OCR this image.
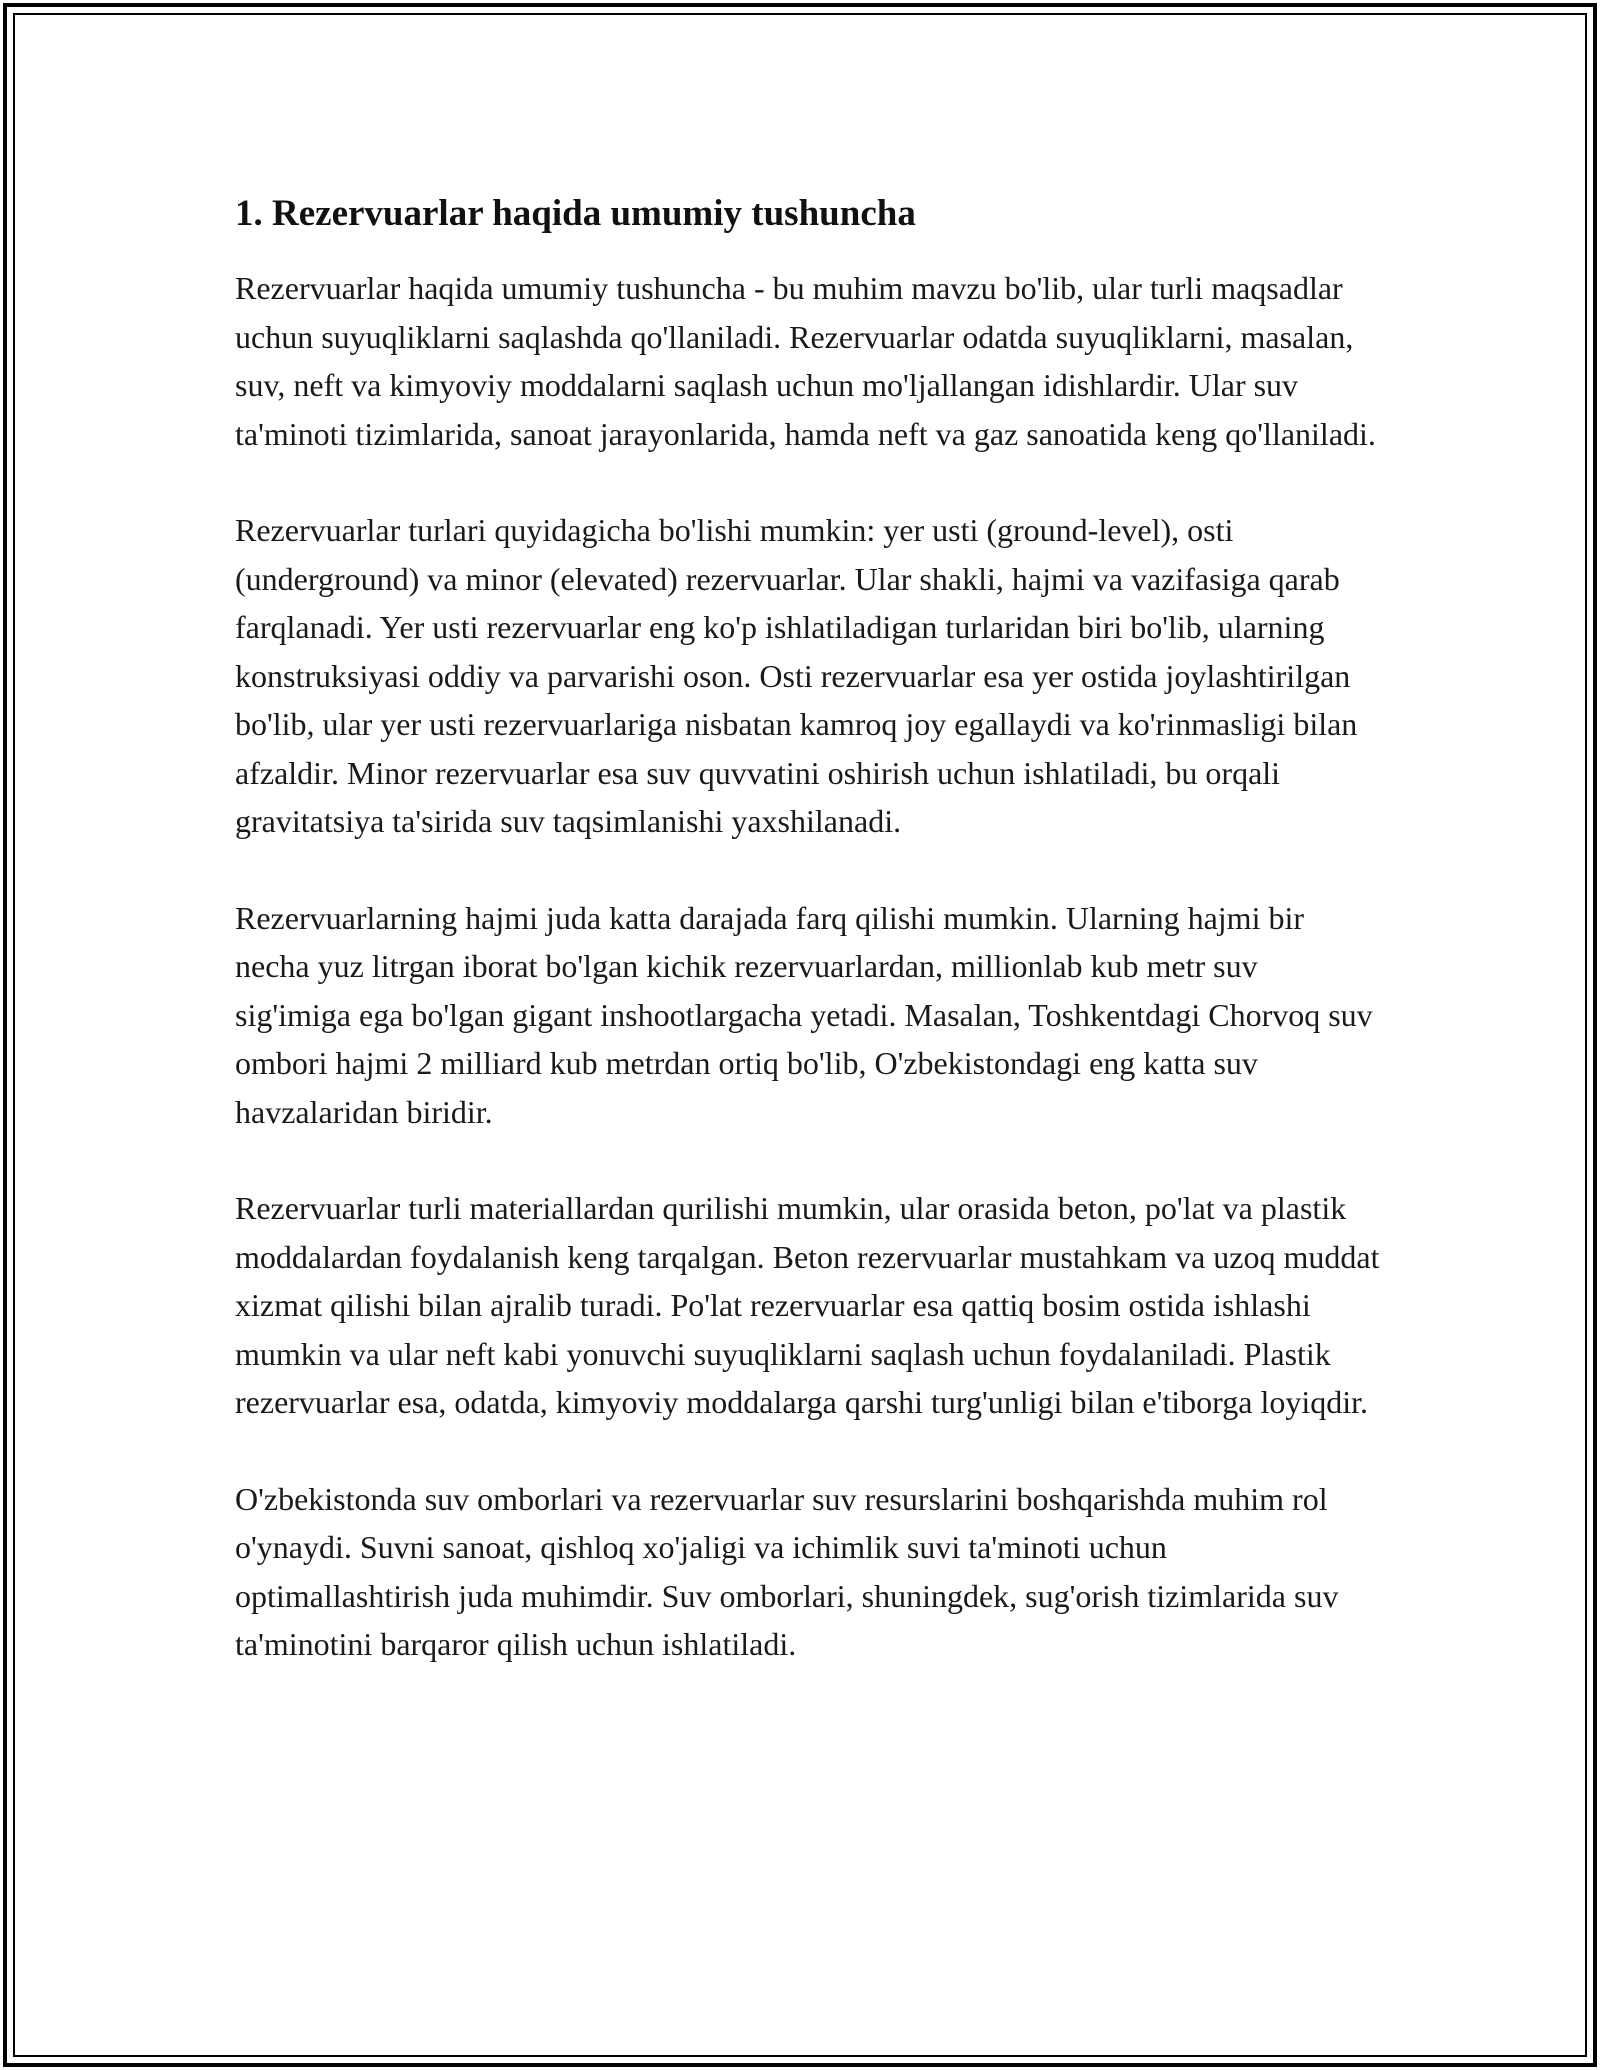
1. Rezervuarlar haqida umumiy tushuncha

Rezervuarlar haqida umumiy tushuncha - bu muhim mavzu bo'lib, ular turli maqsadlar uchun suyuqliklarni saqlashda qo'llaniladi. Rezervuarlar odatda suyuqliklarni, masalan, suv, neft va kimyoviy moddalarni saqlash uchun mo'ljallangan idishlardir. Ular suv ta'minoti tizimlarida, sanoat jarayonlarida, hamda neft va gaz sanoatida keng qo'llaniladi.

Rezervuarlar turlari quyidagicha bo'lishi mumkin: yer usti (ground-level), osti (underground) va minor (elevated) rezervuarlar. Ular shakli, hajmi va vazifasiga qarab farqlanadi. Yer usti rezervuarlar eng ko'p ishlatiladigan turlaridan biri bo'lib, ularning konstruksiyasi oddiy va parvarishi oson. Osti rezervuarlar esa yer ostida joylashtirilgan bo'lib, ular yer usti rezervuarlariga nisbatan kamroq joy egallaydi va ko'rinmasligi bilan afzaldir. Minor rezervuarlar esa suv quvvatini oshirish uchun ishlatiladi, bu orqali gravitatsiya ta'sirida suv taqsimlanishi yaxshilanadi.

Rezervuarlarning hajmi juda katta darajada farq qilishi mumkin. Ularning hajmi bir necha yuz litrgan iborat bo'lgan kichik rezervuarlardan, millionlab kub metr suv sig'imiga ega bo'lgan gigant inshootlargacha yetadi. Masalan, Toshkentdagi Chorvoq suv ombori hajmi 2 milliard kub metrdan ortiq bo'lib, O'zbekistondagi eng katta suv havzalaridan biridir.

Rezervuarlar turli materiallardan qurilishi mumkin, ular orasida beton, po'lat va plastik moddalardan foydalanish keng tarqalgan. Beton rezervuarlar mustahkam va uzoq muddat xizmat qilishi bilan ajralib turadi. Po'lat rezervuarlar esa qattiq bosim ostida ishlashi mumkin va ular neft kabi yonuvchi suyuqliklarni saqlash uchun foydalaniladi. Plastik rezervuarlar esa, odatda, kimyoviy moddalarga qarshi turg'unligi bilan e'tiborga loyiqdir.

O'zbekistonda suv omborlari va rezervuarlar suv resurslarini boshqarishda muhim rol o'ynaydi. Suvni sanoat, qishloq xo'jaligi va ichimlik suvi ta'minoti uchun optimallashtirish juda muhimdir. Suv omborlari, shuningdek, sug'orish tizimlarida suv ta'minotini barqaror qilish uchun ishlatiladi.
